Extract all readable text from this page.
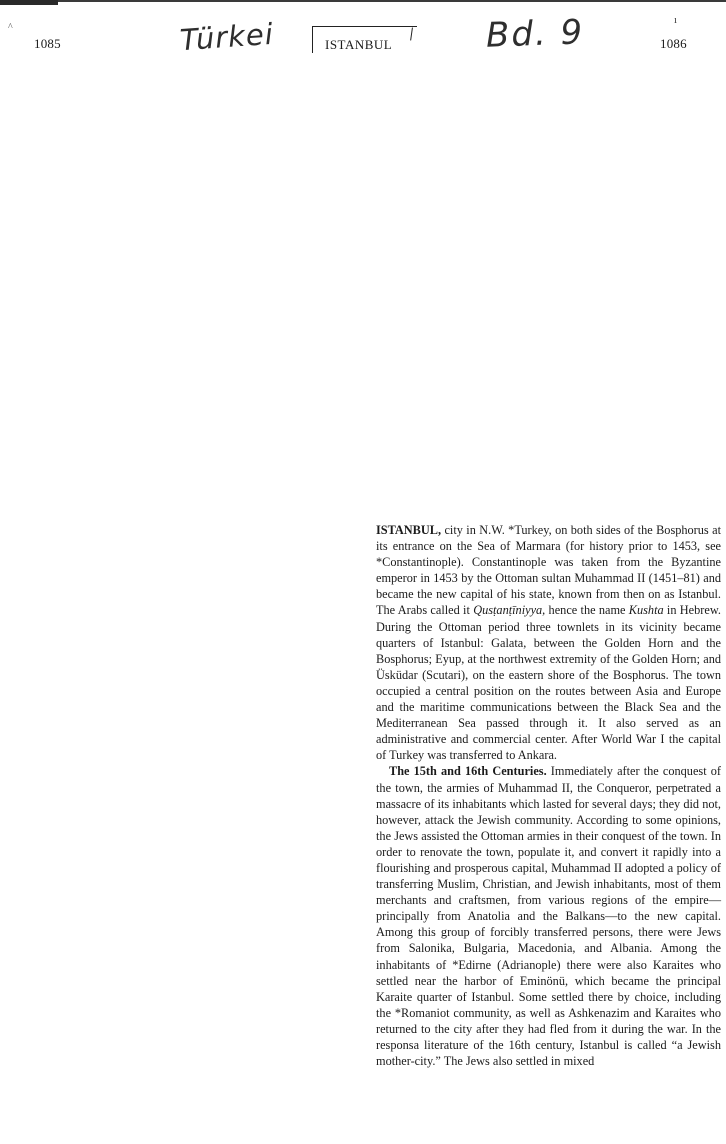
^
ı
1085	Türkei	ISTANBUL	Bd. 9	1086

ISTANBUL, city in N.W. *Turkey, on both sides of the Bosphorus at its entrance on the Sea of Marmara (for history prior to 1453, see *Constantinople). Constantinople was taken from the Byzantine emperor in 1453 by the Ottoman sultan Muhammad II (1451–81) and became the new capital of his state, known from then on as Istanbul. The Arabs called it Qusṭanṭīniyya, hence the name Kushta in Hebrew. During the Ottoman period three townlets in its vicinity became quarters of Istanbul: Galata, between the Golden Horn and the Bosphorus; Eyup, at the northwest extremity of the Golden Horn; and Üsküdar (Scutari), on the eastern shore of the Bosphorus. The town occupied a central position on the routes between Asia and Europe and the maritime communications between the Black Sea and the Mediterranean Sea passed through it. It also served as an administrative and commercial center. After World War I the capital of Turkey was transferred to Ankara.

The 15th and 16th Centuries. Immediately after the conquest of the town, the armies of Muhammad II, the Conqueror, perpetrated a massacre of its inhabitants which lasted for several days; they did not, however, attack the Jewish community. According to some opinions, the Jews assisted the Ottoman armies in their conquest of the town. In order to renovate the town, populate it, and convert it rapidly into a flourishing and prosperous capital, Muhammad II adopted a policy of transferring Muslim, Christian, and Jewish inhabitants, most of them merchants and craftsmen, from various regions of the empire—principally from Anatolia and the Balkans—to the new capital. Among this group of forcibly transferred persons, there were Jews from Salonika, Bulgaria, Macedonia, and Albania. Among the inhabitants of *Edirne (Adrianople) there were also Karaites who settled near the harbor of Eminönü, which became the principal Karaite quarter of Istanbul. Some settled there by choice, including the *Romaniot community, as well as Ashkenazim and Karaites who returned to the city after they had fled from it during the war. In the responsa literature of the 16th century, Istanbul is called “a Jewish mother-city.” The Jews also settled in mixed
